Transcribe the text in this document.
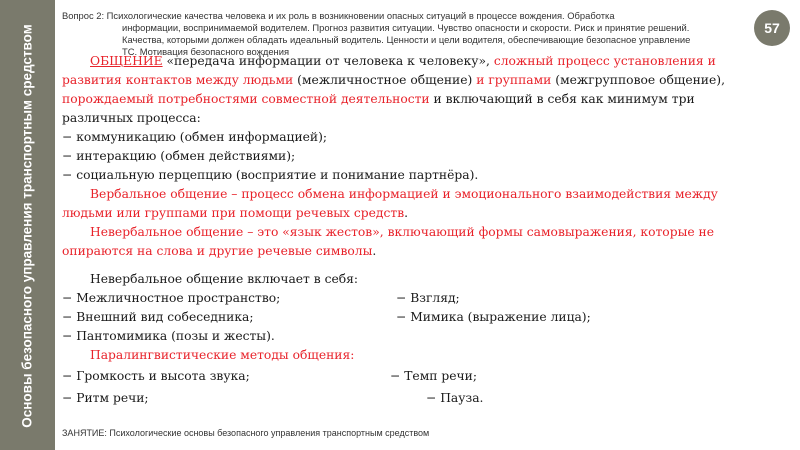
Основы безопасного управления транспортным средством
Вопрос 2: Психологические качества человека и их роль в возникновении опасных ситуаций в процессе вождения. Обработка
информации, воспринимаемой водителем. Прогноз развития ситуации. Чувство опасности и скорости. Риск и принятие решений.
Качества, которыми должен обладать идеальный водитель. Ценности и цели водителя, обеспечивающие безопасное управление
ТС. Мотивация безопасного вождения
57

ОБЩЕНИЕ «передача информации от человека к человеку», сложный процесс установления и развития контактов между людьми (межличностное общение) и группами (межгрупповое общение), порождаемый потребностями совместной деятельности и включающий в себя как минимум три различных процесса:

− коммуникацию (обмен информацией);

− интеракцию (обмен действиями);

− социальную перцепцию (восприятие и понимание партнёра).

Вербальное общение – процесс обмена информацией и эмоционального взаимодействия между людьми или группами при помощи речевых средств.

Невербальное общение – это «язык жестов», включающий формы самовыражения, которые не опираются на слова и другие речевые символы.

Невербальное общение включает в себя:

− Межличностное пространство;	− Взгляд;
− Внешний вид собеседника;	− Мимика (выражение лица);
− Пантомимика (позы и жесты).

Паралингвистические методы общения:

− Громкость и высота звука;	− Темп речи;
− Ритм речи;	− Пауза.
ЗАНЯТИЕ: Психологические основы безопасного управления транспортным средством
